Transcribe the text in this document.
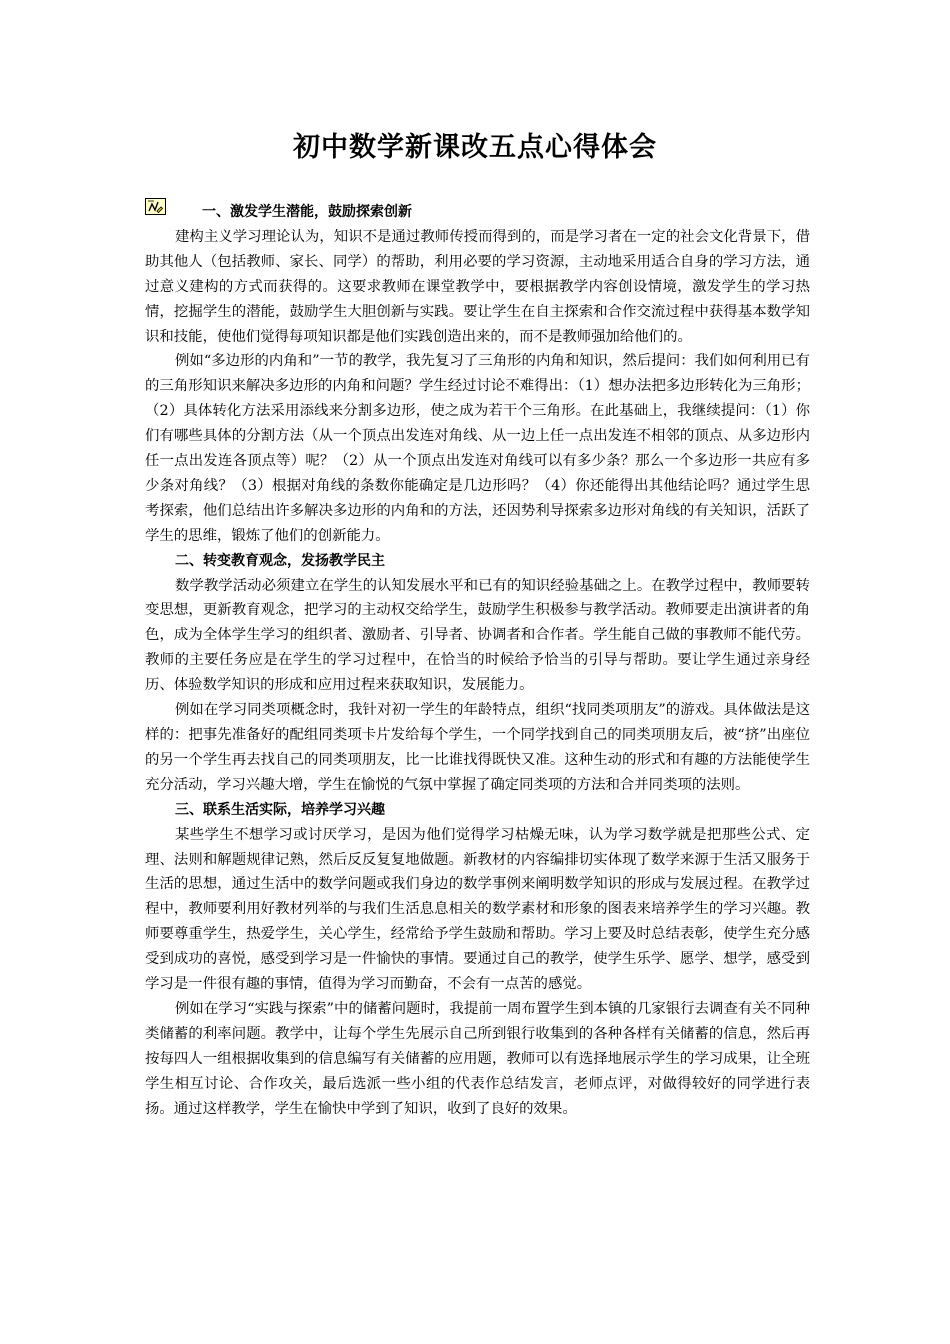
初中数学新课改五点心得体会

一、激发学生潜能，鼓励探索创新

建构主义学习理论认为，知识不是通过教师传授而得到的，而是学习者在一定的社会文化背景下，借助其他人（包括教师、家长、同学）的帮助，利用必要的学习资源，主动地采用适合自身的学习方法，通过意义建构的方式而获得的。这要求教师在课堂教学中，要根据教学内容创设情境，激发学生的学习热情，挖掘学生的潜能，鼓励学生大胆创新与实践。要让学生在自主探索和合作交流过程中获得基本数学知识和技能，使他们觉得每项知识都是他们实践创造出来的，而不是教师强加给他们的。

例如“多边形的内角和”一节的教学，我先复习了三角形的内角和知识，然后提问：我们如何利用已有的三角形知识来解决多边形的内角和问题？学生经过讨论不难得出：（1）想办法把多边形转化为三角形；（2）具体转化方法采用添线来分割多边形，使之成为若干个三角形。在此基础上，我继续提问：（1）你们有哪些具体的分割方法（从一个顶点出发连对角线、从一边上任一点出发连不相邻的顶点、从多边形内任一点出发连各顶点等）呢？（2）从一个顶点出发连对角线可以有多少条？那么一个多边形一共应有多少条对角线？（3）根据对角线的条数你能确定是几边形吗？（4）你还能得出其他结论吗？通过学生思考探索，他们总结出许多解决多边形的内角和的方法，还因势利导探索多边形对角线的有关知识，活跃了学生的思维，锻炼了他们的创新能力。

二、转变教育观念，发扬教学民主

数学教学活动必须建立在学生的认知发展水平和已有的知识经验基础之上。在教学过程中，教师要转变思想，更新教育观念，把学习的主动权交给学生，鼓励学生积极参与教学活动。教师要走出演讲者的角色，成为全体学生学习的组织者、激励者、引导者、协调者和合作者。学生能自己做的事教师不能代劳。教师的主要任务应是在学生的学习过程中，在恰当的时候给予恰当的引导与帮助。要让学生通过亲身经历、体验数学知识的形成和应用过程来获取知识，发展能力。

例如在学习同类项概念时，我针对初一学生的年龄特点，组织“找同类项朋友”的游戏。具体做法是这样的：把事先准备好的配组同类项卡片发给每个学生，一个同学找到自己的同类项朋友后，被“挤”出座位的另一个学生再去找自己的同类项朋友，比一比谁找得既快又准。这种生动的形式和有趣的方法能使学生充分活动，学习兴趣大增，学生在愉悦的气氛中掌握了确定同类项的方法和合并同类项的法则。

三、联系生活实际，培养学习兴趣

某些学生不想学习或讨厌学习，是因为他们觉得学习枯燥无味，认为学习数学就是把那些公式、定理、法则和解题规律记熟，然后反反复复地做题。新教材的内容编排切实体现了数学来源于生活又服务于生活的思想，通过生活中的数学问题或我们身边的数学事例来阐明数学知识的形成与发展过程。在教学过程中，教师要利用好教材列举的与我们生活息息相关的数学素材和形象的图表来培养学生的学习兴趣。教师要尊重学生，热爱学生，关心学生，经常给予学生鼓励和帮助。学习上要及时总结表彰，使学生充分感受到成功的喜悦，感受到学习是一件愉快的事情。要通过自己的教学，使学生乐学、愿学、想学，感受到学习是一件很有趣的事情，值得为学习而勤奋，不会有一点苦的感觉。

例如在学习“实践与探索”中的储蓄问题时，我提前一周布置学生到本镇的几家银行去调查有关不同种类储蓄的利率问题。教学中，让每个学生先展示自己所到银行收集到的各种各样有关储蓄的信息，然后再按每四人一组根据收集到的信息编写有关储蓄的应用题，教师可以有选择地展示学生的学习成果，让全班学生相互讨论、合作攻关，最后选派一些小组的代表作总结发言，老师点评，对做得较好的同学进行表扬。通过这样教学，学生在愉快中学到了知识，收到了良好的效果。
